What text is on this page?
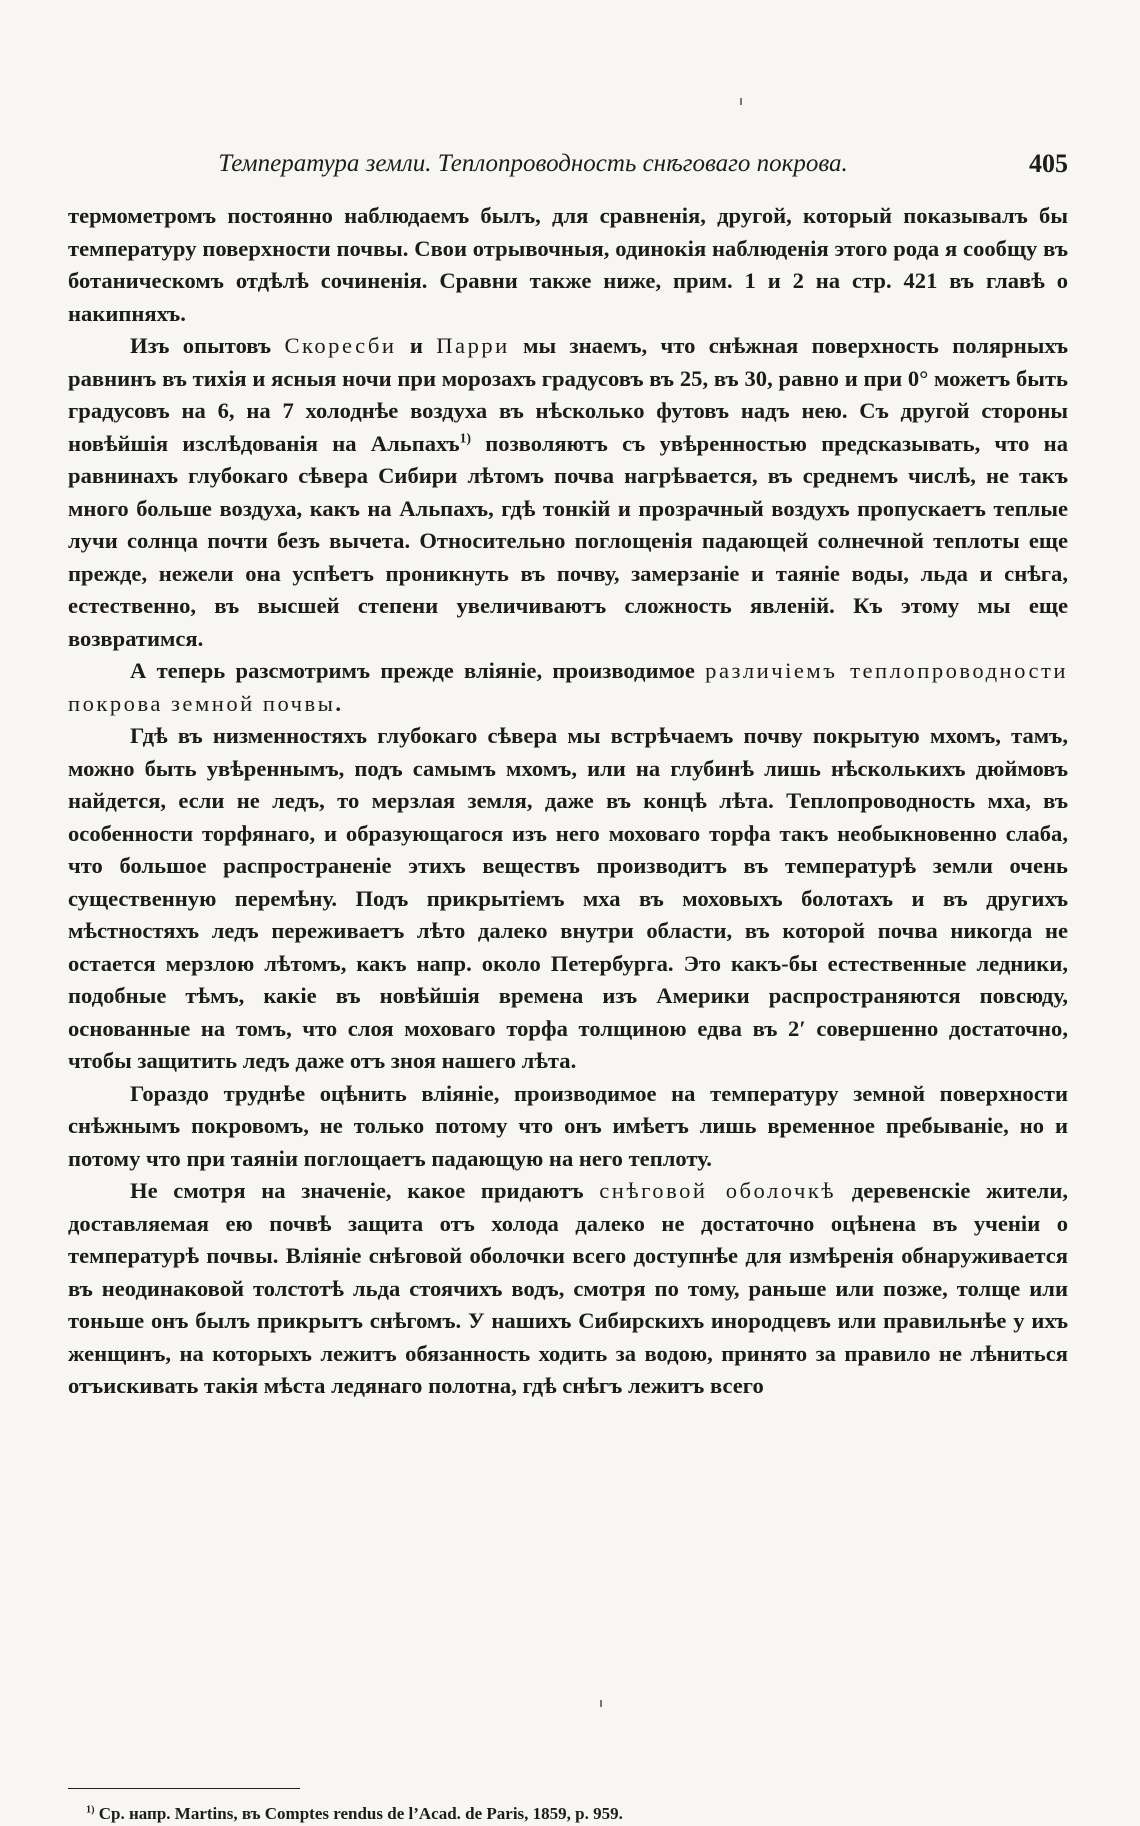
Температура земли. Теплопроводность снѣговаго покрова.	405

термометромъ постоянно наблюдаемъ былъ, для сравненія, другой, который показывалъ бы температуру поверхности почвы. Свои отрывочныя, одинокія наблюденія этого рода я сообщу въ ботаническомъ отдѣлѣ сочиненія. Сравни также ниже, прим. 1 и 2 на стр. 421 въ главѣ о накипняхъ.

Изъ опытовъ Скоресби и Парри мы знаемъ, что снѣжная поверхность полярныхъ равнинъ въ тихія и ясныя ночи при морозахъ градусовъ въ 25, въ 30, равно и при 0° можетъ быть градусовъ на 6, на 7 холоднѣе воздуха въ нѣсколько футовъ надъ нею. Съ другой стороны новѣйшія изслѣдованія на Альпахъ$^{1)}$ позволяютъ съ увѣренностью предсказывать, что на равнинахъ глубокаго сѣвера Сибири лѣтомъ почва нагрѣвается, въ среднемъ числѣ, не такъ много больше воздуха, какъ на Альпахъ, гдѣ тонкій и прозрачный воздухъ пропускаетъ теплые лучи солнца почти безъ вычета. Относительно поглощенія падающей солнечной теплоты еще прежде, нежели она успѣетъ проникнуть въ почву, замерзаніе и таяніе воды, льда и снѣга, естественно, въ высшей степени увеличиваютъ сложность явленій. Къ этому мы еще возвратимся.

А теперь разсмотримъ прежде вліяніе, производимое различіемъ теплопроводности покрова земной почвы.

Гдѣ въ низменностяхъ глубокаго сѣвера мы встрѣчаемъ почву покрытую мхомъ, тамъ, можно быть увѣреннымъ, подъ самымъ мхомъ, или на глубинѣ лишь нѣсколькихъ дюймовъ найдется, если не ледъ, то мерзлая земля, даже въ концѣ лѣта. Теплопроводность мха, въ особенности торфянаго, и образующагося изъ него моховаго торфа такъ необыкновенно слаба, что большое распространеніе этихъ веществъ производитъ въ температурѣ земли очень существенную перемѣну. Подъ прикрытіемъ мха въ моховыхъ болотахъ и въ другихъ мѣстностяхъ ледъ переживаетъ лѣто далеко внутри области, въ которой почва никогда не остается мерзлою лѣтомъ, какъ напр. около Петербурга. Это какъ-бы естественные ледники, подобные тѣмъ, какіе въ новѣйшія времена изъ Америки распространяются повсюду, основанные на томъ, что слоя моховаго торфа толщиною едва въ 2′ совершенно достаточно, чтобы защитить ледъ даже отъ зноя нашего лѣта.

Гораздо труднѣе оцѣнить вліяніе, производимое на температуру земной поверхности снѣжнымъ покровомъ, не только потому что онъ имѣетъ лишь временное пребываніе, но и потому что при таяніи поглощаетъ падающую на него теплоту.

Не смотря на значеніе, какое придаютъ снѣговой оболочкѣ деревенскіе жители, доставляемая ею почвѣ защита отъ холода далеко не достаточно оцѣнена въ ученіи о температурѣ почвы. Вліяніе снѣговой оболочки всего доступнѣе для измѣренія обнаруживается въ неодинаковой толстотѣ льда стоячихъ водъ, смотря по тому, раньше или позже, толще или тоньше онъ былъ прикрытъ снѣгомъ. У нашихъ Сибирскихъ инородцевъ или правильнѣе у ихъ женщинъ, на которыхъ лежитъ обязанность ходить за водою, принято за правило не лѣниться отъискивать такія мѣста ледянаго полотна, гдѣ снѣгъ лежитъ всего

$^{1)}$ Ср. напр. Martins, въ Comptes rendus de l’Acad. de Paris, 1859, p. 959.
